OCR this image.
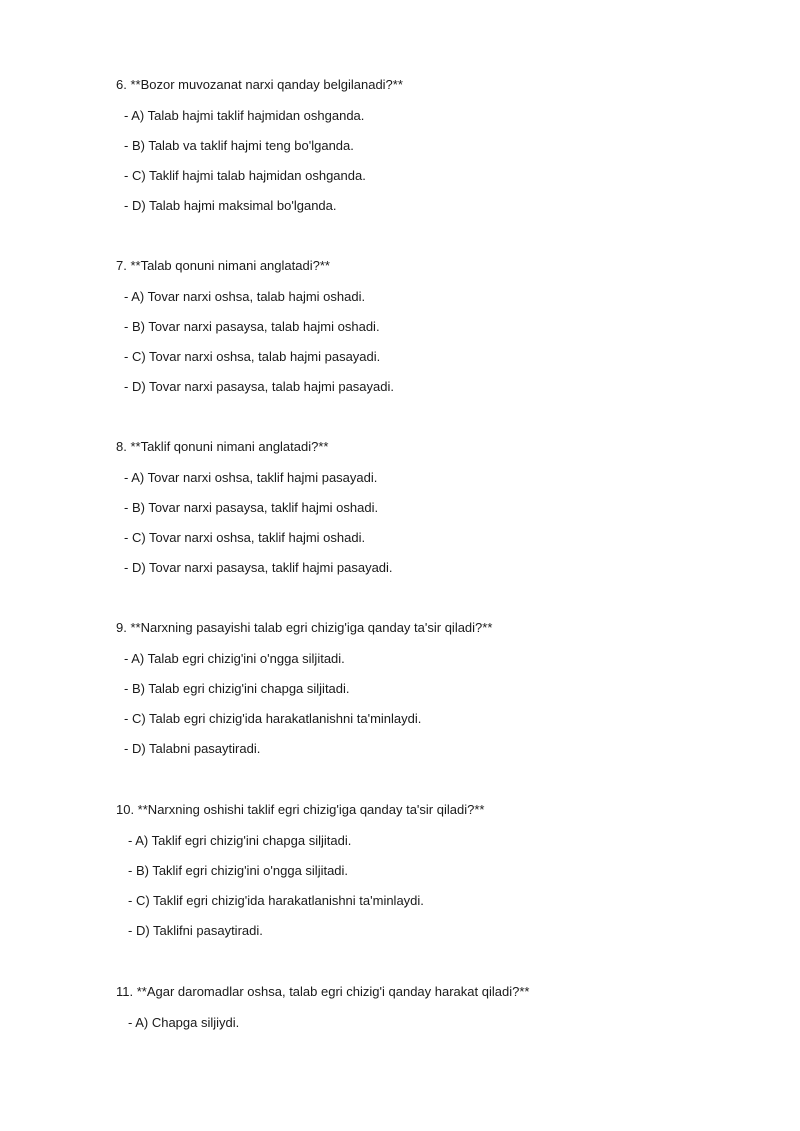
6. **Bozor muvozanat narxi qanday belgilanadi?**
- A) Talab hajmi taklif hajmidan oshganda.
- B) Talab va taklif hajmi teng bo'lganda.
- C) Taklif hajmi talab hajmidan oshganda.
- D) Talab hajmi maksimal bo'lganda.
7. **Talab qonuni nimani anglatadi?**
- A) Tovar narxi oshsa, talab hajmi oshadi.
- B) Tovar narxi pasaysa, talab hajmi oshadi.
- C) Tovar narxi oshsa, talab hajmi pasayadi.
- D) Tovar narxi pasaysa, talab hajmi pasayadi.
8. **Taklif qonuni nimani anglatadi?**
- A) Tovar narxi oshsa, taklif hajmi pasayadi.
- B) Tovar narxi pasaysa, taklif hajmi oshadi.
- C) Tovar narxi oshsa, taklif hajmi oshadi.
- D) Tovar narxi pasaysa, taklif hajmi pasayadi.
9. **Narxning pasayishi talab egri chizig'iga qanday ta'sir qiladi?**
- A) Talab egri chizig'ini o'ngga siljitadi.
- B) Talab egri chizig'ini chapga siljitadi.
- C) Talab egri chizig'ida harakatlanishni ta'minlaydi.
- D) Talabni pasaytiradi.
10. **Narxning oshishi taklif egri chizig'iga qanday ta'sir qiladi?**
- A) Taklif egri chizig'ini chapga siljitadi.
- B) Taklif egri chizig'ini o'ngga siljitadi.
- C) Taklif egri chizig'ida harakatlanishni ta'minlaydi.
- D) Taklifni pasaytiradi.
11. **Agar daromadlar oshsa, talab egri chizig'i qanday harakat qiladi?**
- A) Chapga siljiydi.
